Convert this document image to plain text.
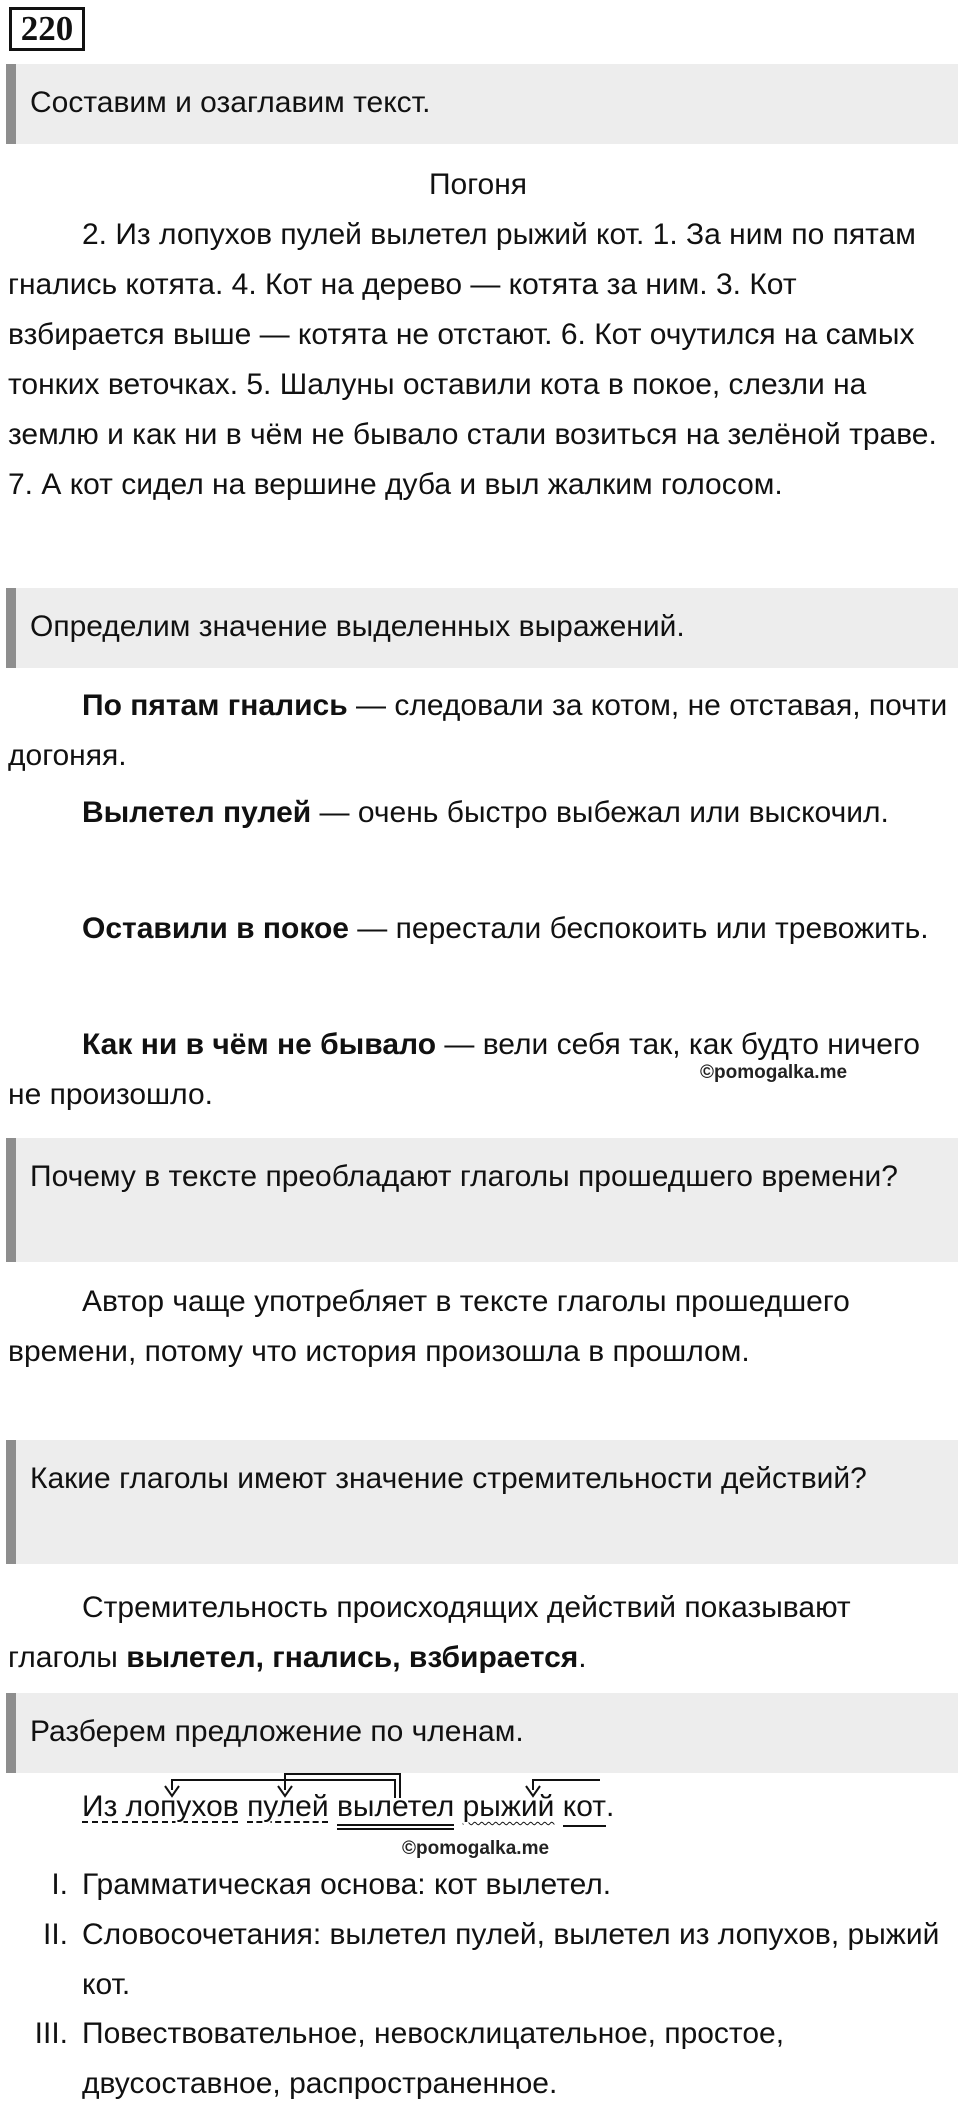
220
Составим и озаглавим текст.

Погоня

2. Из лопухов пулей вылетел рыжий кот. 1. За ним по пятам гнались котята. 4. Кот на дерево — котята за ним. 3. Кот взбирается выше — котята не отстают. 6. Кот очутился на самых тонких веточках. 5. Шалуны оставили кота в покое, слезли на землю и как ни в чём не бывало стали возиться на зелёной траве. 7. А кот сидел на вершине дуба и выл жалким голосом.

Определим значение выделенных выражений.

По пятам гнались — следовали за котом, не отставая, почти догоняя.

Вылетел пулей — очень быстро выбежал или выскочил.

Оставили в покое — перестали беспокоить или тревожить.

Как ни в чём не бывало — вели себя так, как будто ничего не произошло.

©pomogalka.me
Почему в тексте преобладают глаголы прошедшего времени?

Автор чаще употребляет в тексте глаголы прошедшего времени, потому что история произошла в прошлом.

Какие глаголы имеют значение стремительности действий?

Стремительность происходящих действий показывают глаголы вылетел, гнались, взбирается.

Разберем предложение по членам.
Из лопухов пулей вылетел рыжий кот.
©pomogalka.me
I. Грамматическая основа: кот вылетел.

II. Словосочетания: вылетел пулей, вылетел из лопухов, рыжий кот.

III. Повествовательное, невосклицательное, простое, двусоставное, распространенное.
